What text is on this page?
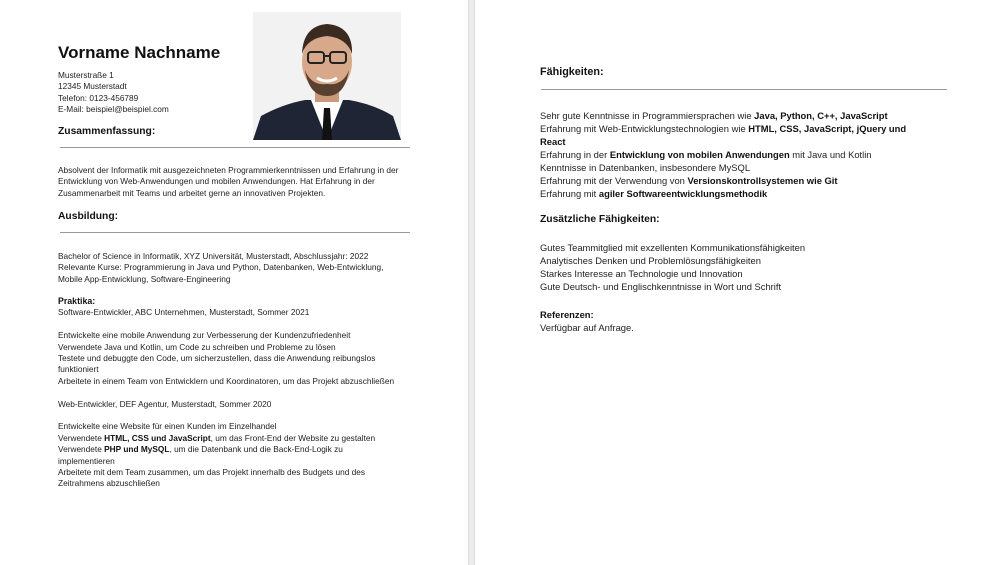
Vorname Nachname
Musterstraße 1
12345 Musterstadt
Telefon: 0123-456789
E-Mail: beispiel@beispiel.com
Zusammenfassung:
Absolvent der Informatik mit ausgezeichneten Programmierkenntnissen und Erfahrung in der
Entwicklung von Web-Anwendungen und mobilen Anwendungen. Hat Erfahrung in der
Zusammenarbeit mit Teams und arbeitet gerne an innovativen Projekten.
Ausbildung:
Bachelor of Science in Informatik, XYZ Universität, Musterstadt, Abschlussjahr: 2022
Relevante Kurse: Programmierung in Java und Python, Datenbanken, Web-Entwicklung,
Mobile App-Entwicklung, Software-Engineering
Praktika:
Software-Entwickler, ABC Unternehmen, Musterstadt, Sommer 2021
Entwickelte eine mobile Anwendung zur Verbesserung der Kundenzufriedenheit
Verwendete Java und Kotlin, um Code zu schreiben und Probleme zu lösen
Testete und debuggte den Code, um sicherzustellen, dass die Anwendung reibungslos
funktioniert
Arbeitete in einem Team von Entwicklern und Koordinatoren, um das Projekt abzuschließen
Web-Entwickler, DEF Agentur, Musterstadt, Sommer 2020
Entwickelte eine Website für einen Kunden im Einzelhandel
Verwendete HTML, CSS und JavaScript, um das Front-End der Website zu gestalten
Verwendete PHP und MySQL, um die Datenbank und die Back-End-Logik zu
implementieren
Arbeitete mit dem Team zusammen, um das Projekt innerhalb des Budgets und des
Zeitrahmens abzuschließen
Fähigkeiten:
Sehr gute Kenntnisse in Programmiersprachen wie Java, Python, C++, JavaScript
Erfahrung mit Web-Entwicklungstechnologien wie HTML, CSS, JavaScript, jQuery und
React
Erfahrung in der Entwicklung von mobilen Anwendungen mit Java und Kotlin
Kenntnisse in Datenbanken, insbesondere MySQL
Erfahrung mit der Verwendung von Versionskontrollsystemen wie Git
Erfahrung mit agiler Softwareentwicklungsmethodik
Zusätzliche Fähigkeiten:
Gutes Teammitglied mit exzellenten Kommunikationsfähigkeiten
Analytisches Denken und Problemlösungsfähigkeiten
Starkes Interesse an Technologie und Innovation
Gute Deutsch- und Englischkenntnisse in Wort und Schrift
Referenzen:
Verfügbar auf Anfrage.
